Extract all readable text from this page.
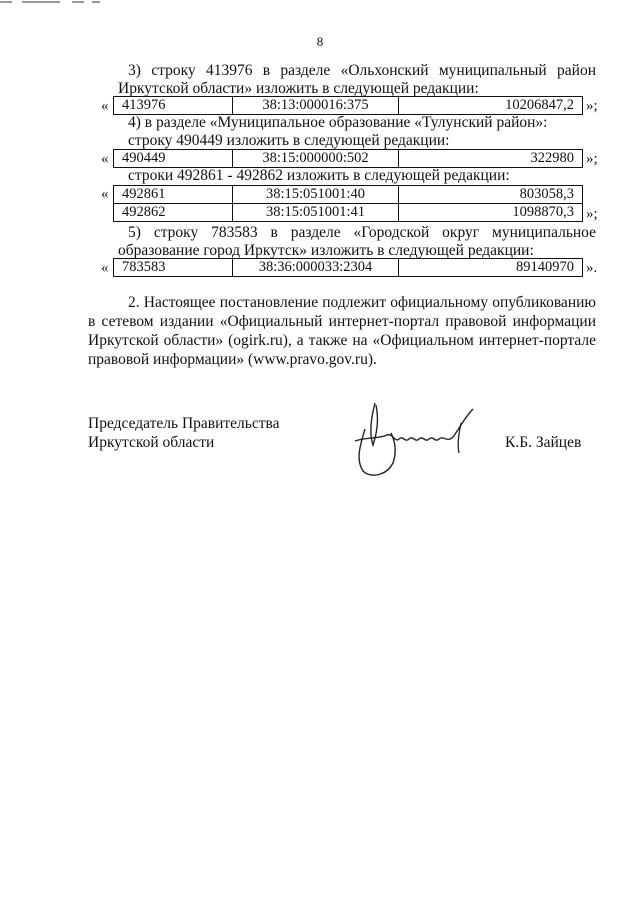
8
3) строку 413976 в разделе «Ольхонский муниципальный район
Иркутской области» изложить в следующей редакции:
« 413976	38:13:000016:375	10206847,2 »;
4) в разделе «Муниципальное образование «Тулунский район»:
строку 490449 изложить в следующей редакции:
« 490449	38:15:000000:502	322980 »;
строки 492861 - 492862 изложить в следующей редакции:
« 492861	38:15:051001:40	803058,3
492862	38:15:051001:41	1098870,3 »;
5) строку 783583 в разделе «Городской округ муниципальное
образование город Иркутск» изложить в следующей редакции:
« 783583	38:36:000033:2304	89140970 ».
2. Настоящее постановление подлежит официальному опубликованию
в сетевом издании «Официальный интернет-портал правовой информации
Иркутской области» (ogirk.ru), а также на «Официальном интернет-портале
правовой информации» (www.pravo.gov.ru).
Председатель Правительства
Иркутской области	К.Б. Зайцев
